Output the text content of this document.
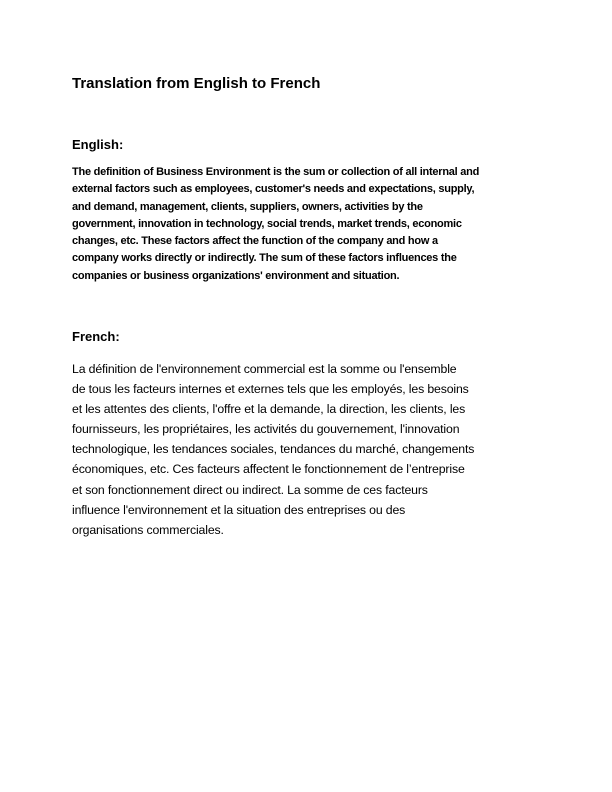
Translation from English to French
English:
The definition of Business Environment is the sum or collection of all internal and
external factors such as employees, customer's needs and expectations, supply,
and demand, management, clients, suppliers, owners, activities by the
government, innovation in technology, social trends, market trends, economic
changes, etc. These factors affect the function of the company and how a
company works directly or indirectly. The sum of these factors influences the
companies or business organizations' environment and situation.
French:
La définition de l'environnement commercial est la somme ou l'ensemble
de tous les facteurs internes et externes tels que les employés, les besoins
et les attentes des clients, l'offre et la demande, la direction, les clients, les
fournisseurs, les propriétaires, les activités du gouvernement, l'innovation
technologique, les tendances sociales, tendances du marché, changements
économiques, etc. Ces facteurs affectent le fonctionnement de l’entreprise
et son fonctionnement direct ou indirect. La somme de ces facteurs
influence l'environnement et la situation des entreprises ou des
organisations commerciales.
